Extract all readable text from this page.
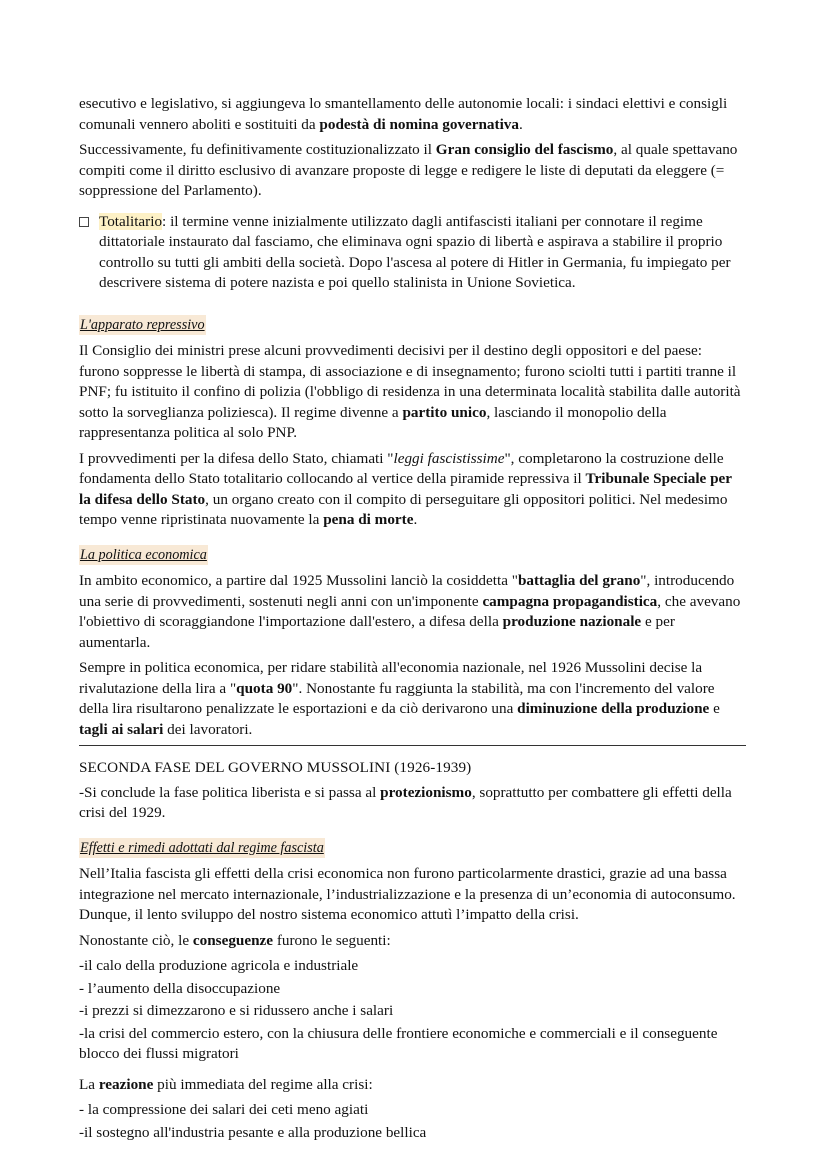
esecutivo e legislativo, si aggiungeva lo smantellamento delle autonomie locali: i sindaci elettivi e consigli comunali vennero aboliti e sostituiti da podestà di nomina governativa.

Successivamente, fu definitivamente costituzionalizzato il Gran consiglio del fascismo, al quale spettavano compiti come il diritto esclusivo di avanzare proposte di legge e redigere le liste di deputati da eleggere (= soppressione del Parlamento).

Totalitario: il termine venne inizialmente utilizzato dagli antifascisti italiani per connotare il regime dittatoriale instaurato dal fasciamo, che eliminava ogni spazio di libertà e aspirava a stabilire il proprio controllo su tutti gli ambiti della società. Dopo l'ascesa al potere di Hitler in Germania, fu impiegato per descrivere sistema di potere nazista e poi quello stalinista in Unione Sovietica.
L'apparato repressivo

Il Consiglio dei ministri prese alcuni provvedimenti decisivi per il destino degli oppositori e del paese: furono soppresse le libertà di stampa, di associazione e di insegnamento; furono sciolti tutti i partiti tranne il PNF; fu istituito il confino di polizia (l'obbligo di residenza in una determinata località stabilita dalle autorità sotto la sorveglianza poliziesca). Il regime divenne a partito unico, lasciando il monopolio della rappresentanza politica al solo PNP.

I provvedimenti per la difesa dello Stato, chiamati "leggi fascistissime", completarono la costruzione delle fondamenta dello Stato totalitario collocando al vertice della piramide repressiva il Tribunale Speciale per la difesa dello Stato, un organo creato con il compito di perseguitare gli oppositori politici. Nel medesimo tempo venne ripristinata nuovamente la pena di morte.

La politica economica

In ambito economico, a partire dal 1925 Mussolini lanciò la cosiddetta "battaglia del grano", introducendo una serie di provvedimenti, sostenuti negli anni con un'imponente campagna propagandistica, che avevano l'obiettivo di scoraggiandone l'importazione dall'estero, a difesa della produzione nazionale e per aumentarla.

Sempre in politica economica, per ridare stabilità all'economia nazionale, nel 1926 Mussolini decise la rivalutazione della lira a "quota 90". Nonostante fu raggiunta la stabilità, ma con l'incremento del valore della lira risultarono penalizzate le esportazioni e da ciò derivarono una diminuzione della produzione e tagli ai salari dei lavoratori.

SECONDA FASE DEL GOVERNO MUSSOLINI (1926-1939)

-Si conclude la fase politica liberista e si passa al protezionismo, soprattutto per combattere gli effetti della crisi del 1929.

Effetti e rimedi adottati dal regime fascista

Nell’Italia fascista gli effetti della crisi economica non furono particolarmente drastici, grazie ad una bassa integrazione nel mercato internazionale, l’industrializzazione e la presenza di un’economia di autoconsumo. Dunque, il lento sviluppo del nostro sistema economico attutì l’impatto della crisi.

Nonostante ciò, le conseguenze furono le seguenti:

-il calo della produzione agricola e industriale
- l’aumento della disoccupazione
-i prezzi si dimezzarono e si ridussero anche i salari
-la crisi del commercio estero, con la chiusura delle frontiere economiche e commerciali e il conseguente blocco dei flussi migratori

La reazione più immediata del regime alla crisi:

- la compressione dei salari dei ceti meno agiati
-il sostegno all'industria pesante e alla produzione bellica
